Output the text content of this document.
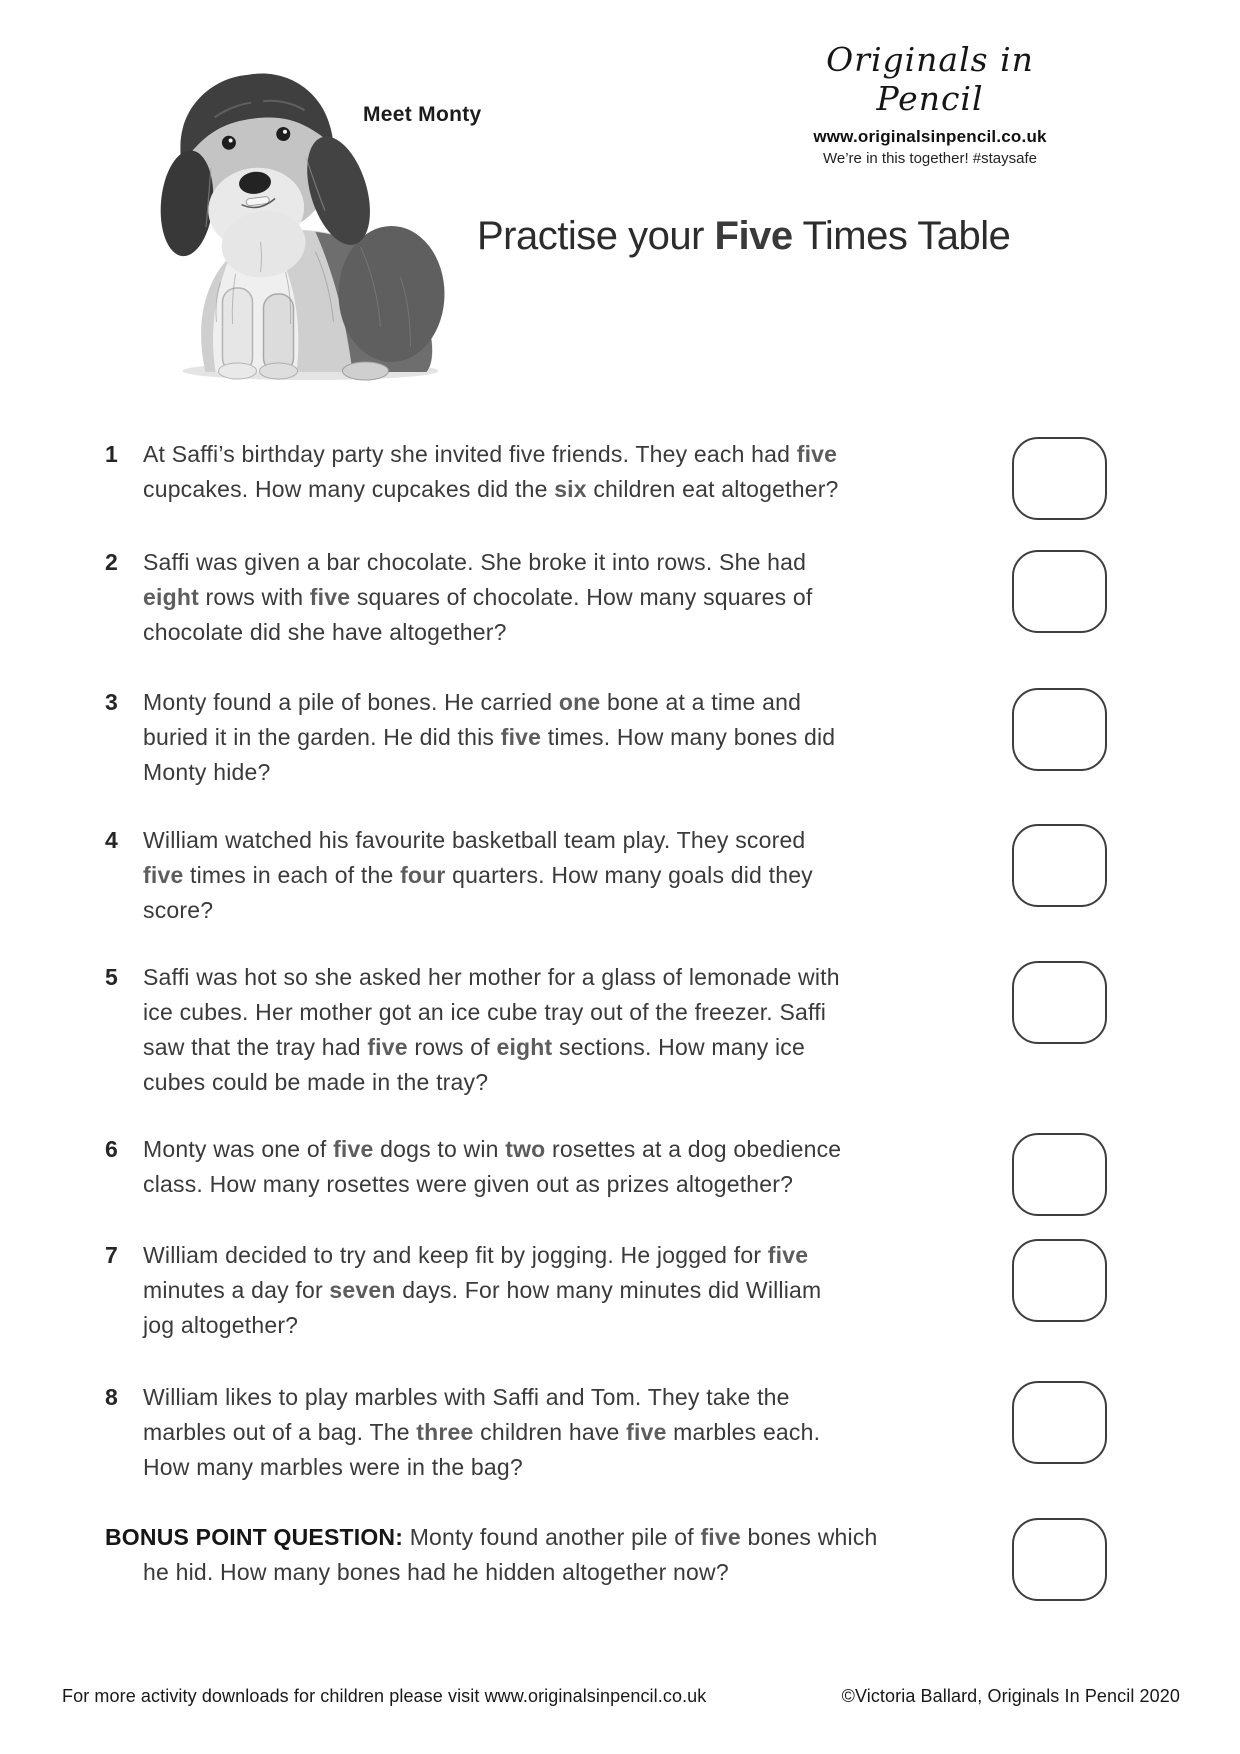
Meet Monty
Originals in Pencil
www.originalsinpencil.co.uk
We’re in this together! #staysafe
Practise your Five Times Table
1	At Saffi’s birthday party she invited five friends. They each had five
cupcakes. How many cupcakes did the six children eat altogether?
2	Saffi was given a bar chocolate. She broke it into rows. She had
eight rows with five squares of chocolate. How many squares of
chocolate did she have altogether?
3	Monty found a pile of bones. He carried one bone at a time and
buried it in the garden. He did this five times. How many bones did
Monty hide?
4	William watched his favourite basketball team play. They scored
five times in each of the four quarters. How many goals did they
score?
5	Saffi was hot so she asked her mother for a glass of lemonade with
ice cubes. Her mother got an ice cube tray out of the freezer. Saffi
saw that the tray had five rows of eight sections. How many ice
cubes could be made in the tray?
6	Monty was one of five dogs to win two rosettes at a dog obedience
class. How many rosettes were given out as prizes altogether?
7	William decided to try and keep fit by jogging. He jogged for five
minutes a day for seven days. For how many minutes did William
jog altogether?
8	William likes to play marbles with Saffi and Tom. They take the
marbles out of a bag. The three children have five marbles each.
How many marbles were in the bag?
BONUS POINT QUESTION: Monty found another pile of five bones which
he hid. How many bones had he hidden altogether now?
For more activity downloads for children please visit www.originalsinpencil.co.uk	©Victoria Ballard, Originals In Pencil 2020
